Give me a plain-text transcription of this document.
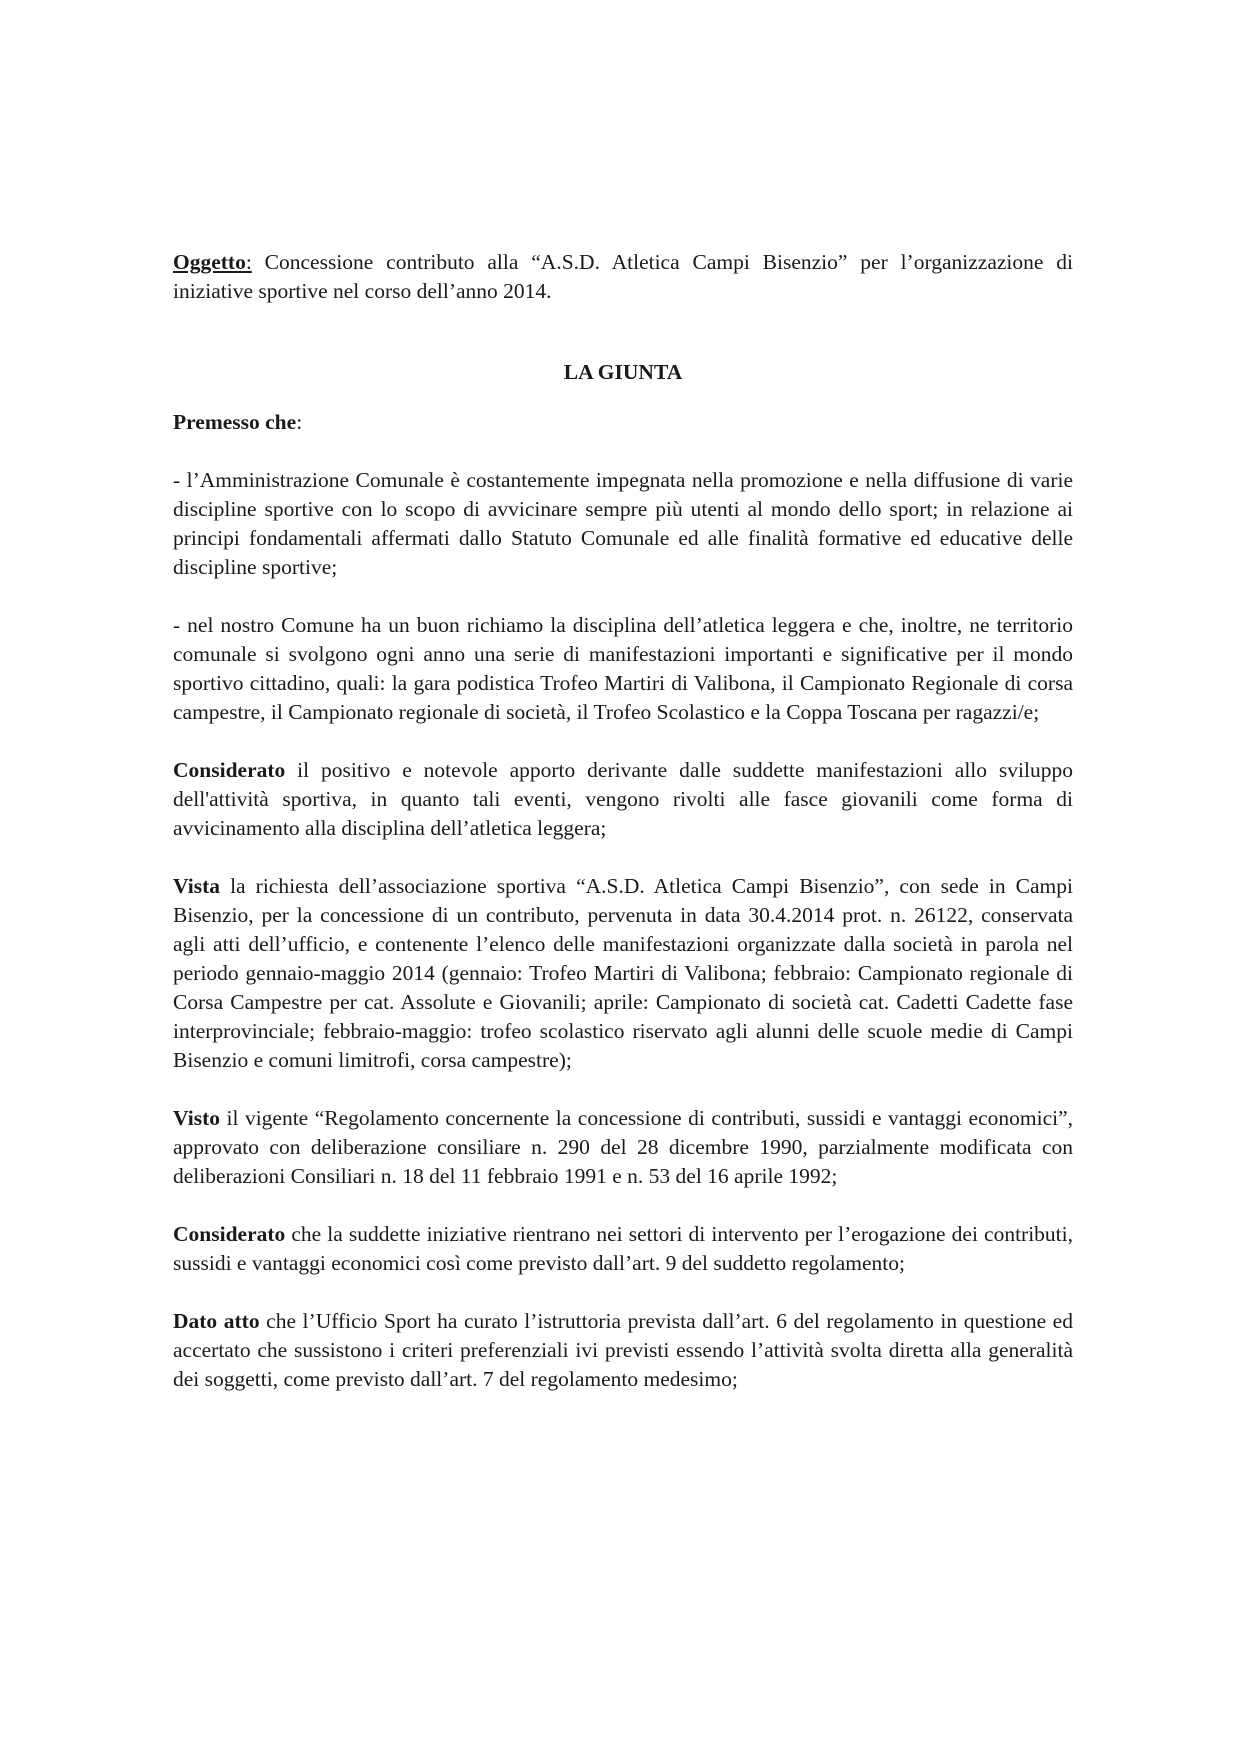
Oggetto: Concessione contributo alla “A.S.D. Atletica Campi Bisenzio” per l’organizzazione di iniziative sportive nel corso dell’anno 2014.

LA GIUNTA

Premesso che:

- l’Amministrazione Comunale è costantemente impegnata nella promozione e nella diffusione di varie discipline sportive con lo scopo di avvicinare sempre più utenti al mondo dello sport; in relazione ai principi fondamentali affermati dallo Statuto Comunale ed alle finalità formative ed educative delle discipline sportive;

- nel nostro Comune ha un buon richiamo la disciplina dell’atletica leggera e che, inoltre, ne territorio comunale si svolgono ogni anno una serie di manifestazioni importanti e significative per il mondo sportivo cittadino, quali: la gara podistica Trofeo Martiri di Valibona, il Campionato Regionale di corsa campestre, il Campionato regionale di società, il Trofeo Scolastico e la Coppa Toscana per ragazzi/e;

Considerato il positivo e notevole apporto derivante dalle suddette manifestazioni allo sviluppo dell'attività sportiva, in quanto tali eventi, vengono rivolti alle fasce giovanili come forma di avvicinamento alla disciplina dell’atletica leggera;

Vista la richiesta dell’associazione sportiva “A.S.D. Atletica Campi Bisenzio”, con sede in Campi Bisenzio, per la concessione di un contributo, pervenuta in data 30.4.2014 prot. n. 26122, conservata agli atti dell’ufficio, e contenente l’elenco delle manifestazioni organizzate dalla società in parola nel periodo gennaio-maggio 2014 (gennaio: Trofeo Martiri di Valibona; febbraio: Campionato regionale di Corsa Campestre per cat. Assolute e Giovanili; aprile: Campionato di società cat. Cadetti Cadette fase interprovinciale; febbraio-maggio: trofeo scolastico riservato agli alunni delle scuole medie di Campi Bisenzio e comuni limitrofi, corsa campestre);

Visto il vigente “Regolamento concernente la concessione di contributi, sussidi e vantaggi economici”, approvato con deliberazione consiliare n. 290 del 28 dicembre 1990, parzialmente modificata con deliberazioni Consiliari n. 18 del 11 febbraio 1991 e n. 53 del 16 aprile 1992;

Considerato che la suddette iniziative rientrano nei settori di intervento per l’erogazione dei contributi, sussidi e vantaggi economici così come previsto dall’art. 9 del suddetto regolamento;

Dato atto che l’Ufficio Sport ha curato l’istruttoria prevista dall’art. 6 del regolamento in questione ed accertato che sussistono i criteri preferenziali ivi previsti essendo l’attività svolta diretta alla generalità dei soggetti, come previsto dall’art. 7 del regolamento medesimo;
